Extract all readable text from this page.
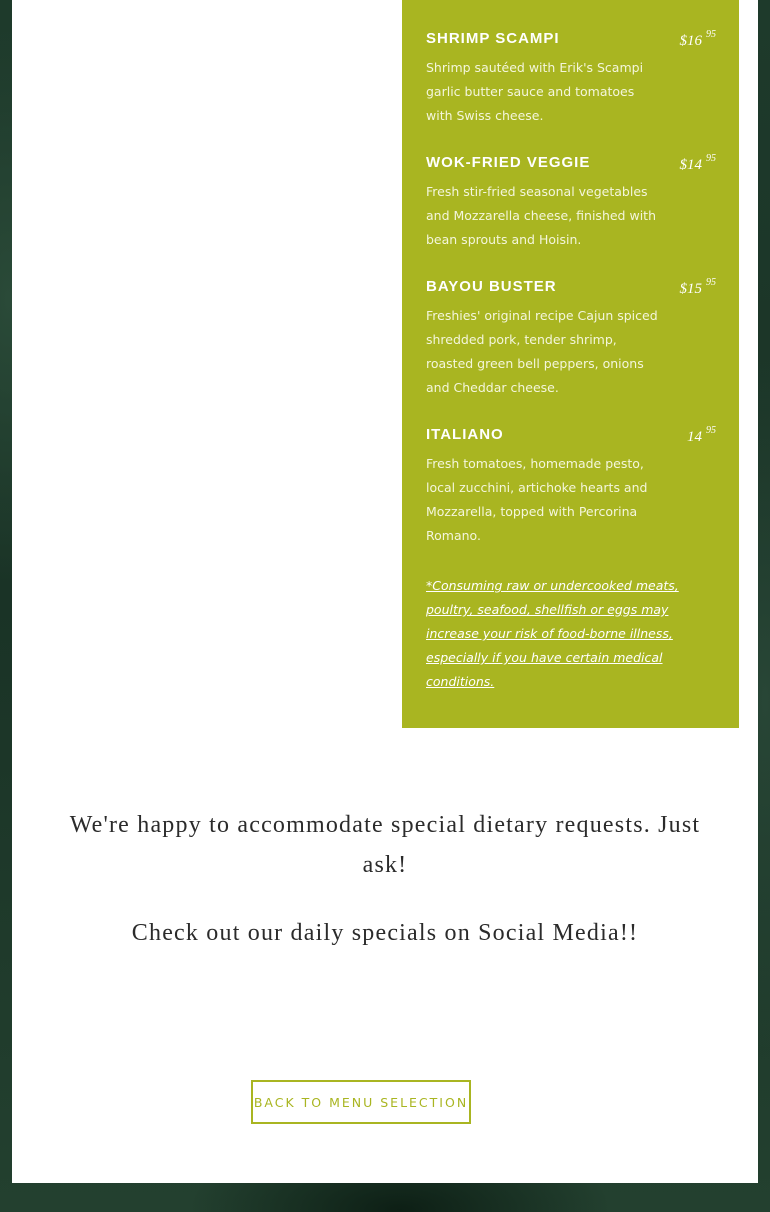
SHRIMP SCAMPI	$16 $^{95}$
Shrimp sautéed with Erik's Scampi garlic butter sauce and tomatoes with Swiss cheese.
WOK-FRIED VEGGIE	$14 $^{95}$
Fresh stir-fried seasonal vegetables and Mozzarella cheese, finished with bean sprouts and Hoisin.
BAYOU BUSTER	$15 $^{95}$
Freshies' original recipe Cajun spiced shredded pork, tender shrimp, roasted green bell peppers, onions and Cheddar cheese.
ITALIANO	14 $^{95}$
Fresh tomatoes, homemade pesto, local zucchini, artichoke hearts and Mozzarella, topped with Percorina Romano.
*Consuming raw or undercooked meats, poultry, seafood, shellfish or eggs may increase your risk of food-borne illness, especially if you have certain medical conditions.
We're happy to accommodate special dietary requests. Just ask!
Check out our daily specials on Social Media!!
BACK TO MENU SELECTION
